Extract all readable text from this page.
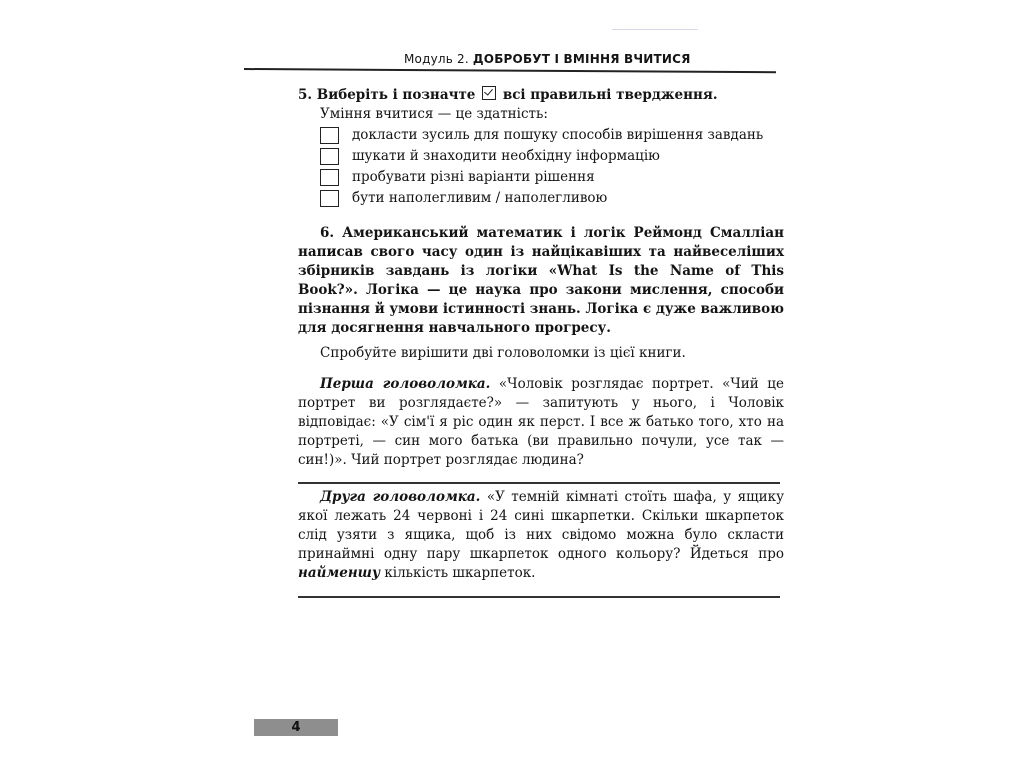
Модуль 2. ДОБРОБУТ І ВМІННЯ ВЧИТИСЯ

5. Виберіть і позначте всі правильні твердження.

Уміння вчитися — це здатність:

докласти зусиль для пошуку способів вирішення завдань
шукати й знаходити необхідну інформацію
пробувати різні варіанти рішення
бути наполегливим / наполегливою

6. Американський математик і логік Реймонд Смалліан написав свого часу один із найцікавіших та найвеселіших збірників завдань із логіки «What Is the Name of This Book?». Логіка — це наука про закони мислення, способи пізнання й умови істинності знань. Логіка є дуже важливою для досягнення навчального прогресу.

Спробуйте вирішити дві головоломки із цієї книги.

Перша головоломка. «Чоловік розглядає портрет. «Чий це портрет ви розглядаєте?» — запитують у нього, і Чоловік відповідає: «У сім'ї я ріс один як перст. І все ж батько того, хто на портреті, — син мого батька (ви правильно почули, усе так — син!)». Чий портрет розглядає людина?

Друга головоломка. «У темній кімнаті стоїть шафа, у ящику якої лежать 24 червоні і 24 сині шкарпетки. Скільки шкарпеток слід узяти з ящика, щоб із них свідомо можна було скласти принаймні одну пару шкарпеток одного кольору? Йдеться про найменшу кількість шкарпеток.

4
